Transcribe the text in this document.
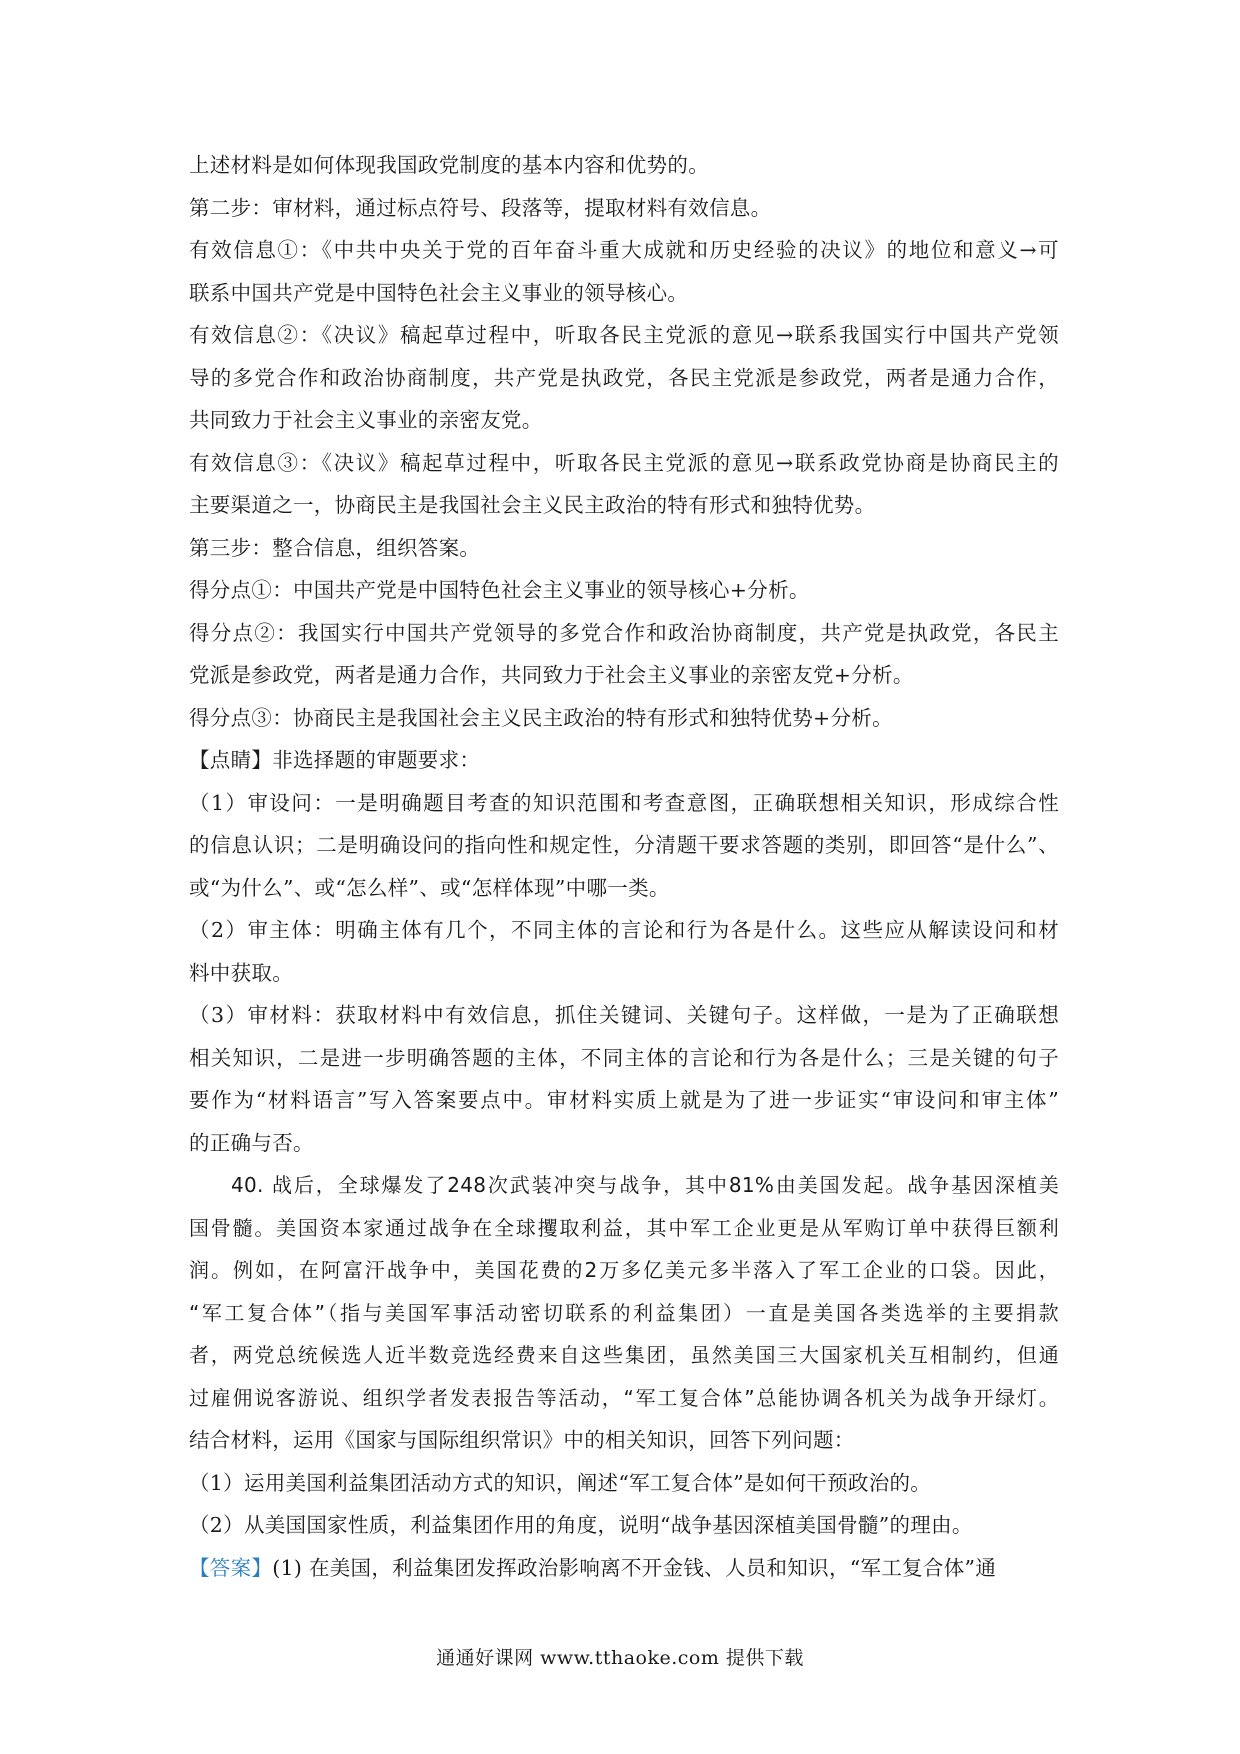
上述材料是如何体现我国政党制度的基本内容和优势的。
第二步：审材料，通过标点符号、段落等，提取材料有效信息。
有效信息①：《中共中央关于党的百年奋斗重大成就和历史经验的决议》的地位和意义→可
联系中国共产党是中国特色社会主义事业的领导核心。
有效信息②：《决议》稿起草过程中，听取各民主党派的意见→联系我国实行中国共产党领
导的多党合作和政治协商制度，共产党是执政党，各民主党派是参政党，两者是通力合作，
共同致力于社会主义事业的亲密友党。
有效信息③：《决议》稿起草过程中，听取各民主党派的意见→联系政党协商是协商民主的
主要渠道之一，协商民主是我国社会主义民主政治的特有形式和独特优势。
第三步：整合信息，组织答案。
得分点①：中国共产党是中国特色社会主义事业的领导核心+分析。
得分点②：我国实行中国共产党领导的多党合作和政治协商制度，共产党是执政党，各民主
党派是参政党，两者是通力合作，共同致力于社会主义事业的亲密友党+分析。
得分点③：协商民主是我国社会主义民主政治的特有形式和独特优势+分析。
【点睛】非选择题的审题要求：
（1）审设问：一是明确题目考查的知识范围和考查意图，正确联想相关知识，形成综合性
的信息认识；二是明确设问的指向性和规定性，分清题干要求答题的类别，即回答“是什么”、
或“为什么”、或“怎么样”、或“怎样体现”中哪一类。
（2）审主体：明确主体有几个，不同主体的言论和行为各是什么。这些应从解读设问和材
料中获取。
（3）审材料：获取材料中有效信息，抓住关键词、关键句子。这样做，一是为了正确联想
相关知识，二是进一步明确答题的主体，不同主体的言论和行为各是什么；三是关键的句子
要作为“材料语言”写入答案要点中。审材料实质上就是为了进一步证实“审设问和审主体”
的正确与否。
40. 战后，全球爆发了248次武装冲突与战争，其中81%由美国发起。战争基因深植美
国骨髓。美国资本家通过战争在全球攫取利益，其中军工企业更是从军购订单中获得巨额利
润。例如，在阿富汗战争中，美国花费的2万多亿美元多半落入了军工企业的口袋。因此，
“军工复合体”（指与美国军事活动密切联系的利益集团）一直是美国各类选举的主要捐款
者，两党总统候选人近半数竞选经费来自这些集团，虽然美国三大国家机关互相制约，但通
过雇佣说客游说、组织学者发表报告等活动，“军工复合体”总能协调各机关为战争开绿灯。
结合材料，运用《国家与国际组织常识》中的相关知识，回答下列问题：
（1）运用美国利益集团活动方式的知识，阐述“军工复合体”是如何干预政治的。
（2）从美国国家性质，利益集团作用的角度，说明“战争基因深植美国骨髓”的理由。
【答案】(1) 在美国，利益集团发挥政治影响离不开金钱、人员和知识，“军工复合体”通
通通好课网 www.tthaoke.com 提供下载
